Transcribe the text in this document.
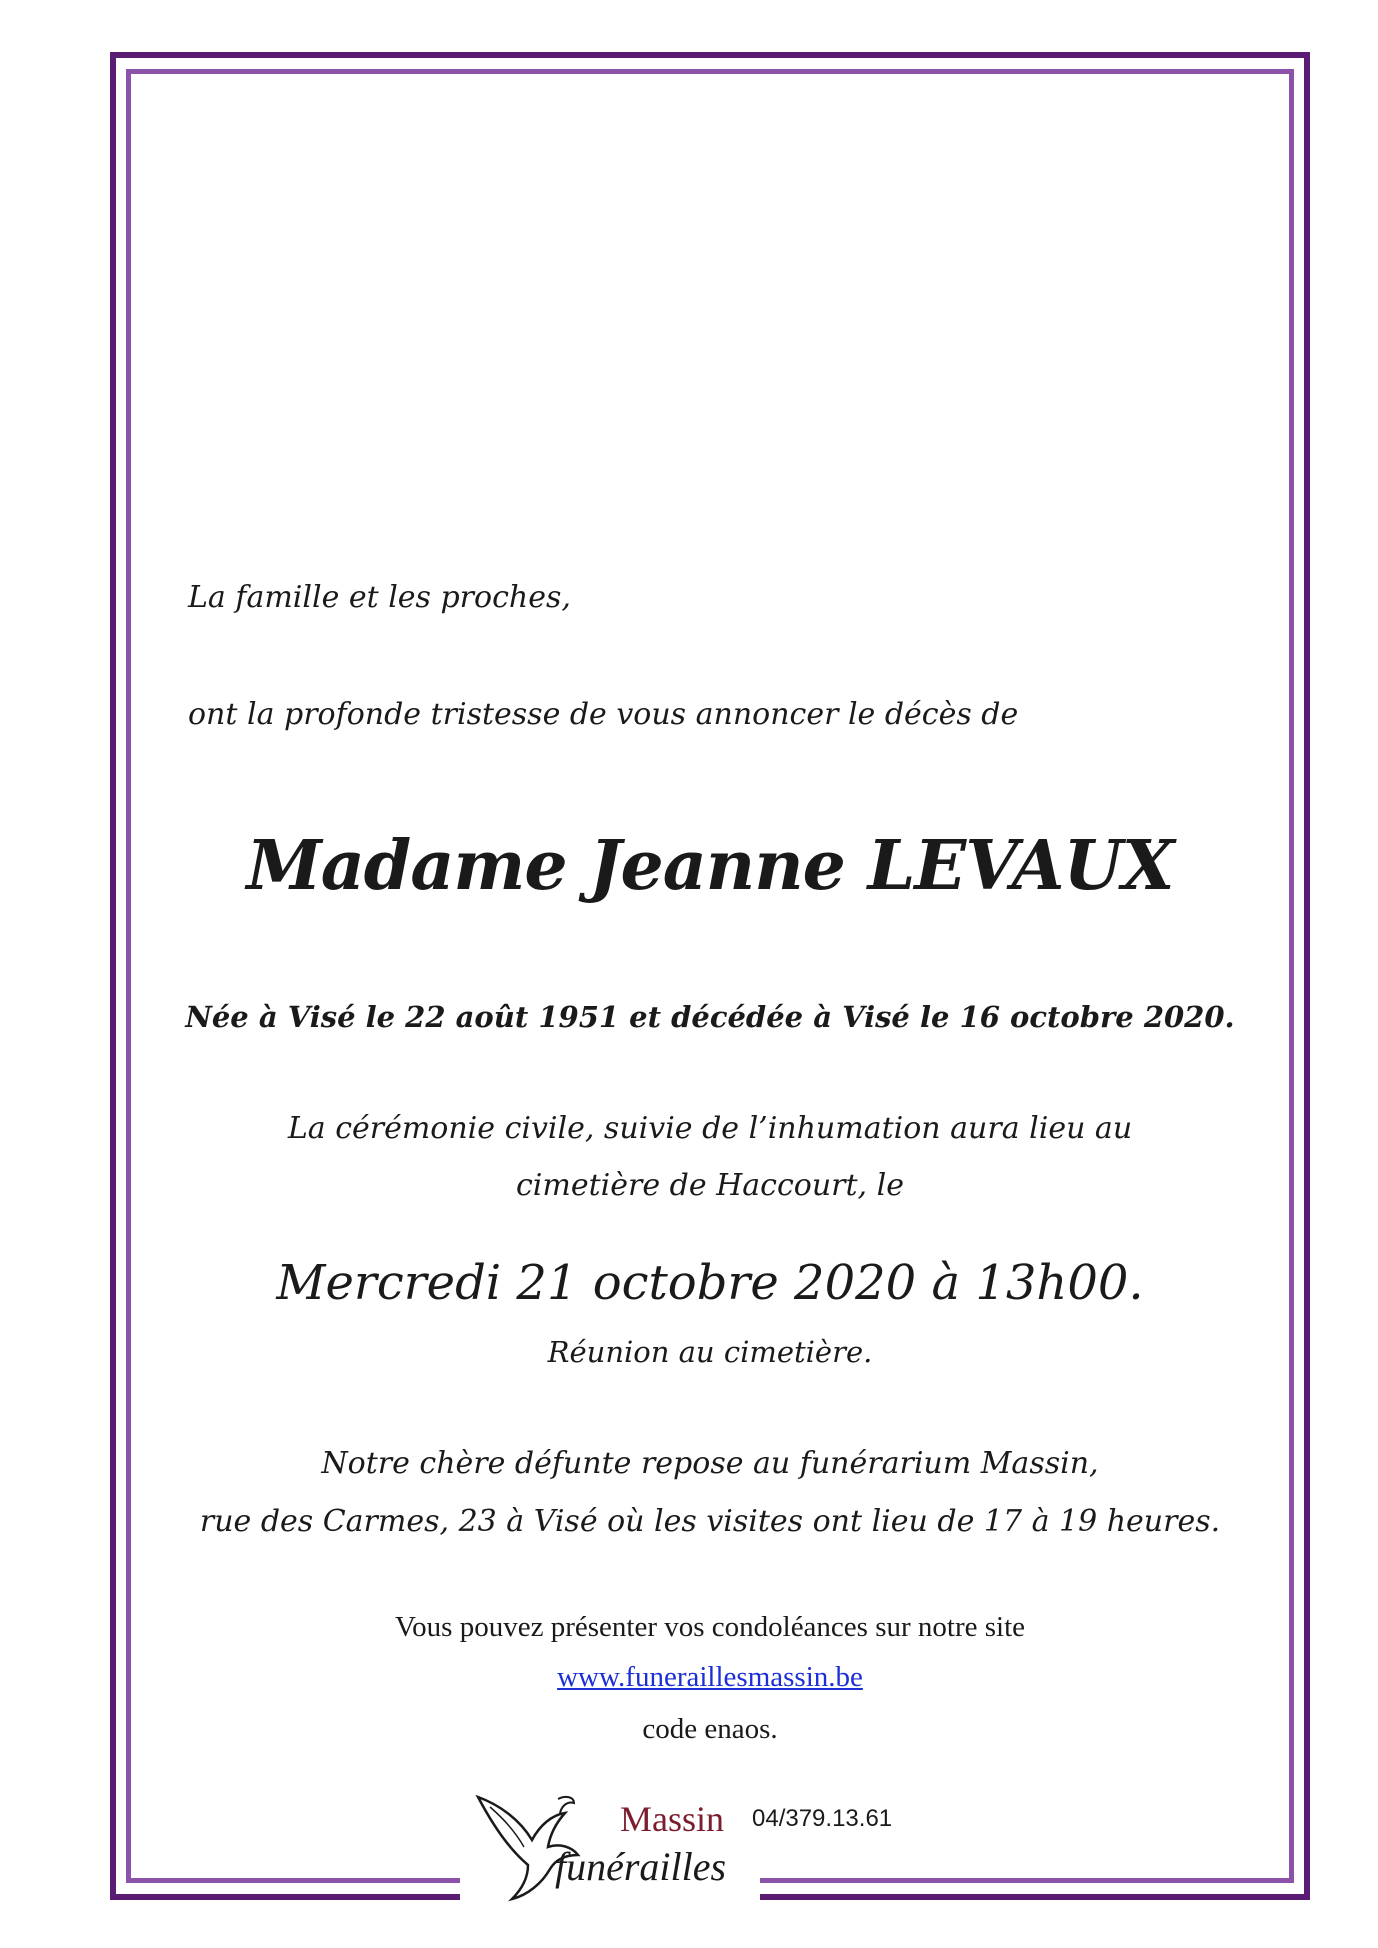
La famille et les proches,
ont la profonde tristesse de vous annoncer le décès de
Madame Jeanne LEVAUX
Née à Visé le 22 août 1951 et décédée à Visé le 16 octobre 2020.
La cérémonie civile, suivie de l’inhumation aura lieu au
cimetière de Haccourt, le
Mercredi 21 octobre 2020 à 13h00.
Réunion au cimetière.
Notre chère défunte repose au funérarium Massin,
rue des Carmes, 23 à Visé où les visites ont lieu de 17 à 19 heures.
Vous pouvez présenter vos condoléances sur notre site
www.funeraillesmassin.be
code enaos.
Massin
funérailles
04/379.13.61
